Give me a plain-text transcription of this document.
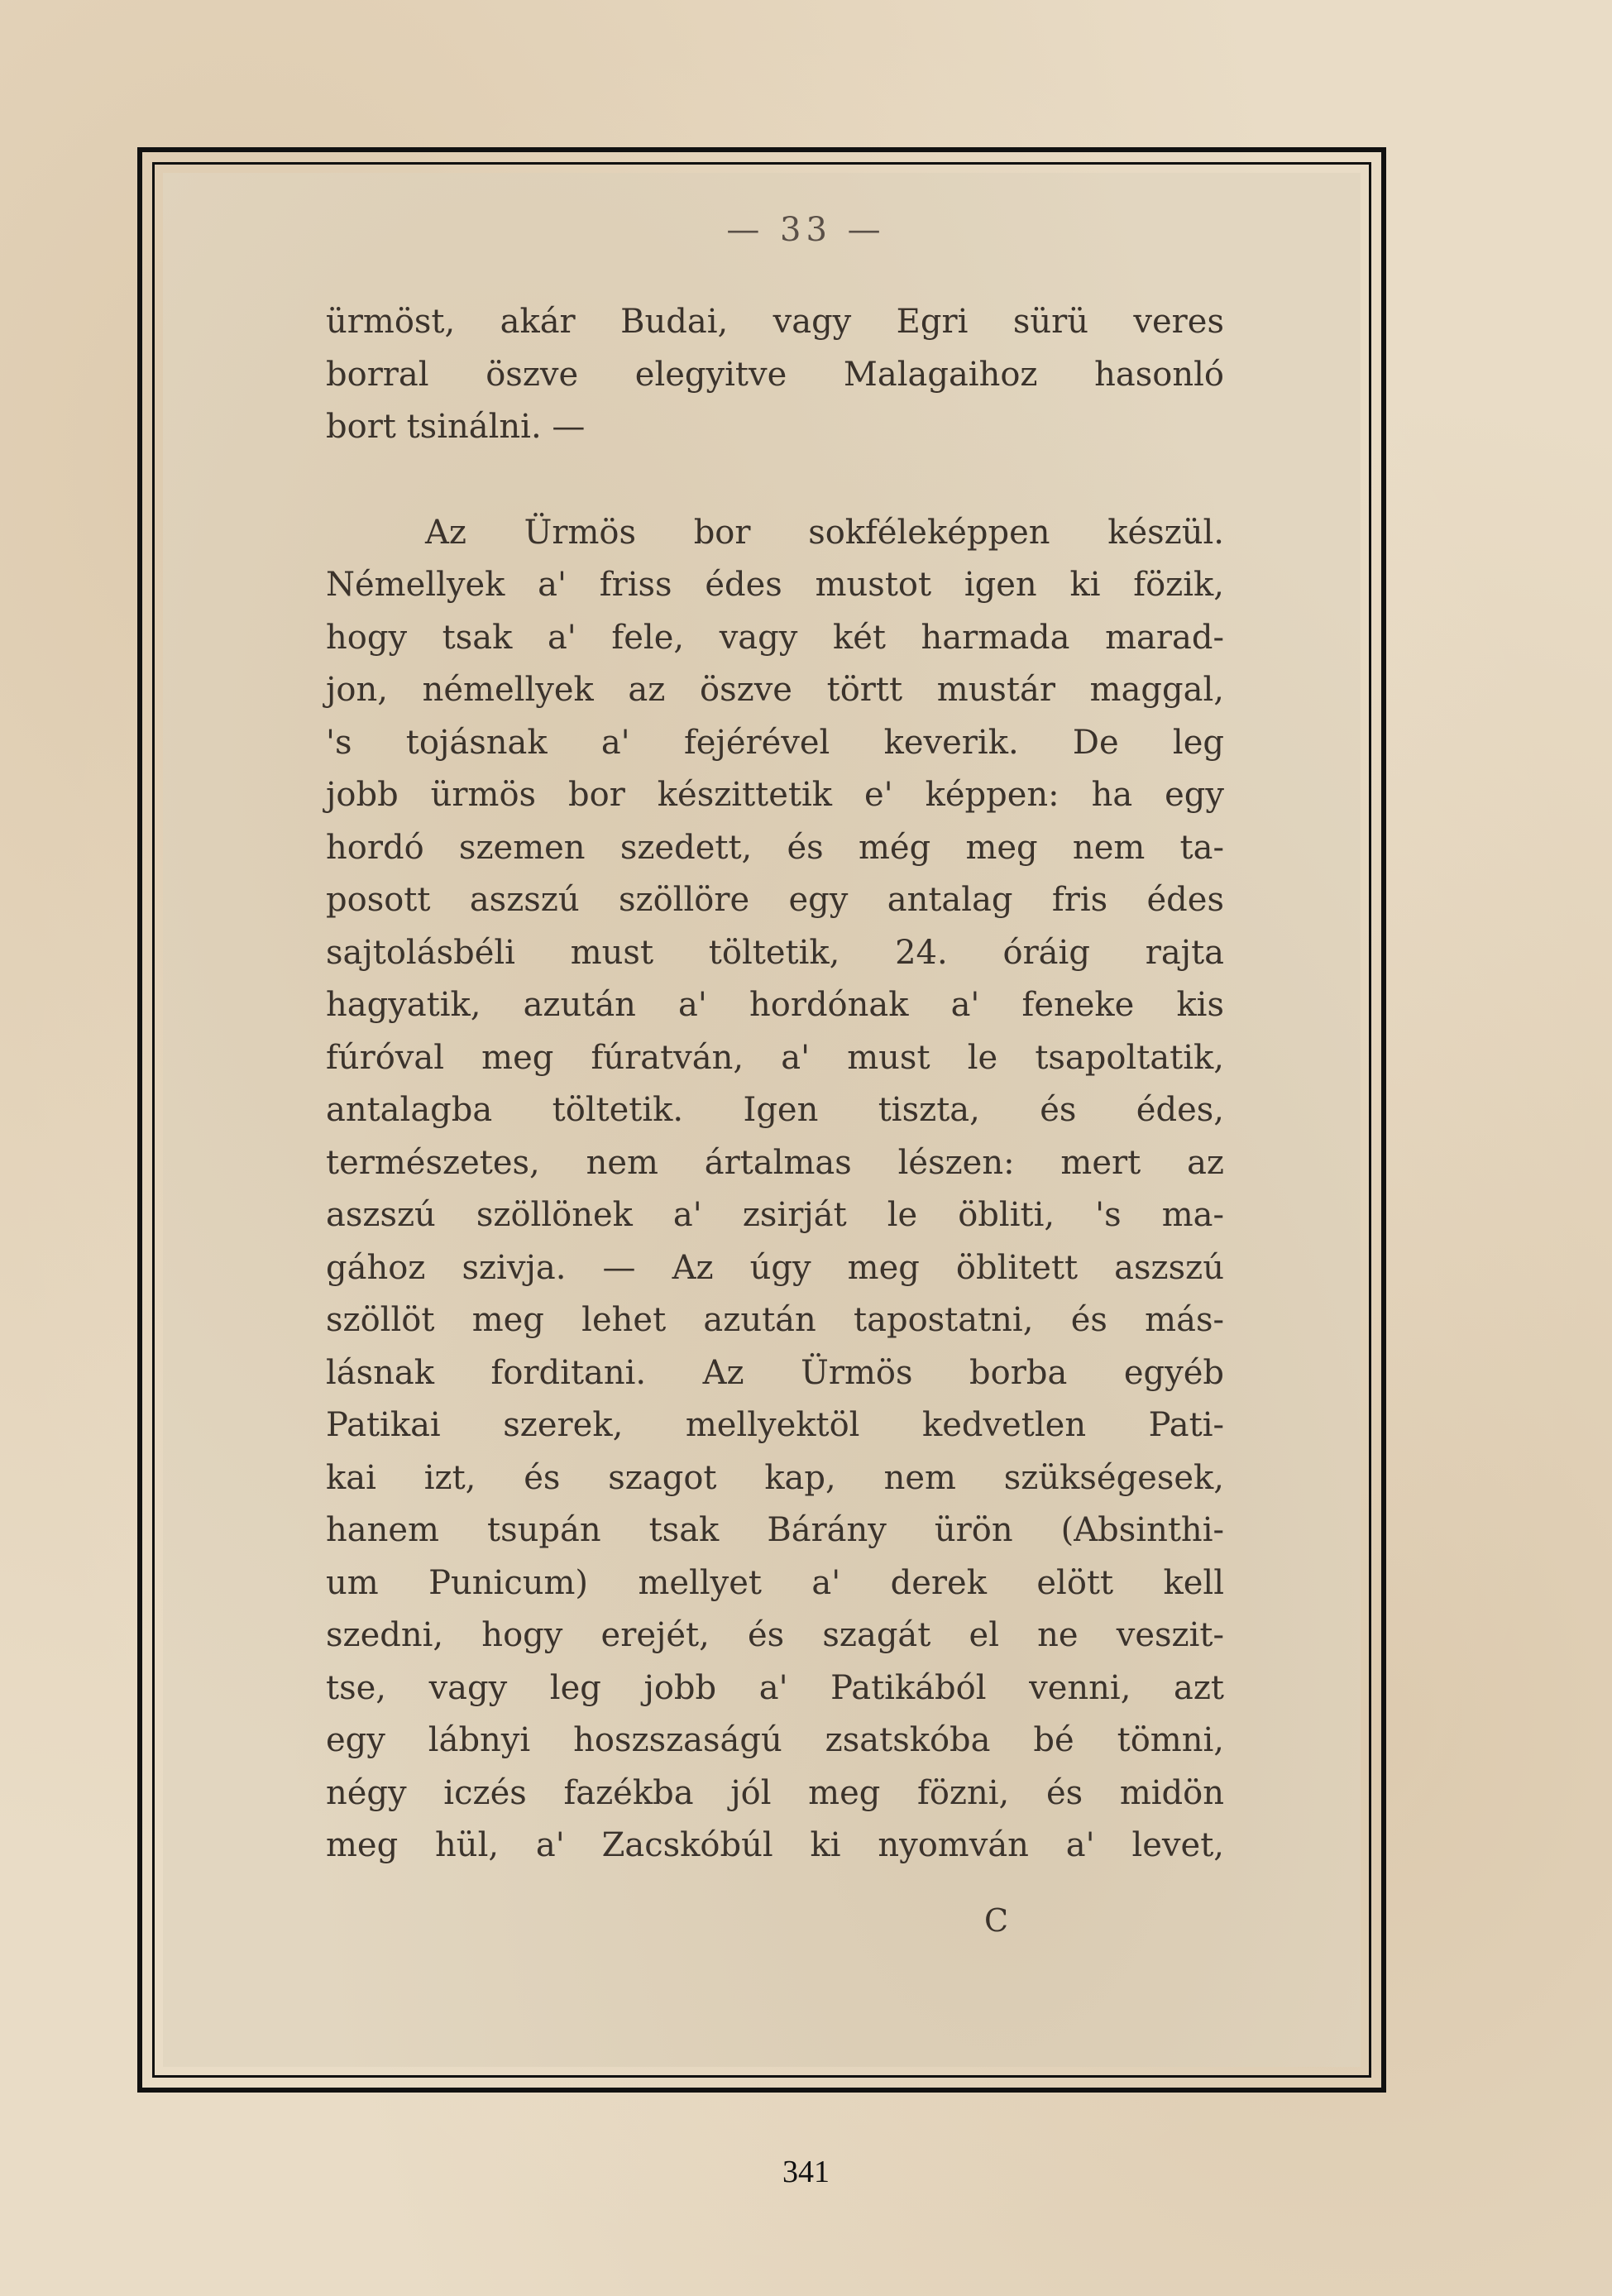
— 33 —
ürmöst, akár Budai, vagy Egri sürü veres
borral öszve elegyitve Malagaihoz hasonló
bort tsinálni. —
Az Ürmös bor sokféleképpen készül.
Némellyek a' friss édes mustot igen ki fözik,
hogy tsak a' fele, vagy két harmada marad-
jon, némellyek az öszve törtt mustár maggal,
's tojásnak a' fejérével keverik. De leg
jobb ürmös bor készittetik e' képpen: ha egy
hordó szemen szedett, és még meg nem ta-
posott aszszú szöllöre egy antalag fris édes
sajtolásbéli must töltetik, 24. óráig rajta
hagyatik, azután a' hordónak a' feneke kis
fúróval meg fúratván, a' must le tsapoltatik,
antalagba töltetik. Igen tiszta, és édes,
természetes, nem ártalmas lészen: mert az
aszszú szöllönek a' zsirját le öbliti, 's ma-
gához szivja. — Az úgy meg öblitett aszszú
szöllöt meg lehet azután tapostatni, és más-
lásnak forditani. Az Ürmös borba egyéb
Patikai szerek, mellyektöl kedvetlen Pati-
kai izt, és szagot kap, nem szükségesek,
hanem tsupán tsak Bárány ürön (Absinthi-
um Punicum) mellyet a' derek elött kell
szedni, hogy erejét, és szagát el ne veszit-
tse, vagy leg jobb a' Patikából venni, azt
egy lábnyi hoszszaságú zsatskóba bé tömni,
négy iczés fazékba jól meg fözni, és midön
meg hül, a' Zacskóbúl ki nyomván a' levet,
C
341
